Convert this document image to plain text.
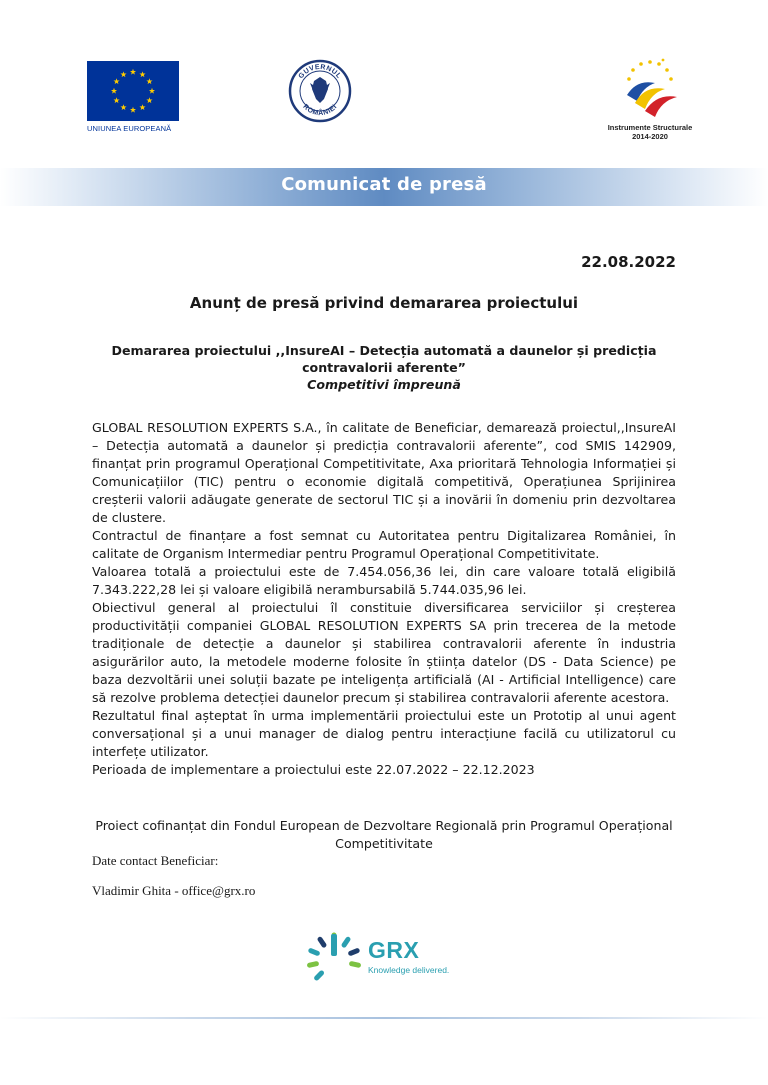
UNIUNEA EUROPEANĂ
GUVERNUL
ROMÂNIEI
Instrumente Structurale
2014-2020
Comunicat de presă
22.08.2022
Anunț de presă privind demararea proiectului
Demararea proiectului ,,InsureAI – Detecția automată a daunelor și predicția
contravalorii aferente”
Competitivi împreună

GLOBAL RESOLUTION EXPERTS S.A., în calitate de Beneficiar, demarează proiectul,,InsureAI – Detecția automată a daunelor și predicția contravalorii aferente”, cod SMIS 142909, finanțat prin programul Operațional Competitivitate, Axa prioritară Tehnologia Informației și Comunicațiilor (TIC) pentru o economie digitală competitivă, Operațiunea Sprijinirea creșterii valorii adăugate generate de sectorul TIC și a inovării în domeniu prin dezvoltarea de clustere.

Contractul de finanțare a fost semnat cu Autoritatea pentru Digitalizarea României, în calitate de Organism Intermediar pentru Programul Operațional Competitivitate.

Valoarea totală a proiectului este de 7.454.056,36 lei, din care valoare totală eligibilă 7.343.222,28 lei și valoare eligibilă nerambursabilă 5.744.035,96 lei.

Obiectivul general al proiectului îl constituie diversificarea serviciilor și creșterea productivității companiei GLOBAL RESOLUTION EXPERTS SA prin trecerea de la metode tradiționale de detecție a daunelor și stabilirea contravalorii aferente în industria asigurărilor auto, la metodele moderne folosite în știința datelor (DS - Data Science) pe baza dezvoltării unei soluții bazate pe inteligența artificială (AI - Artificial Intelligence) care să rezolve problema detecției daunelor precum și stabilirea contravalorii aferente acestora.

Rezultatul final așteptat în urma implementării proiectului este un Prototip al unui agent conversațional și a unui manager de dialog pentru interacțiune facilă cu utilizatorul cu interfețe utilizator.

Perioada de implementare a proiectului este 22.07.2022 – 22.12.2023

Proiect cofinanțat din Fondul European de Dezvoltare Regională prin Programul Operațional Competitivitate
Date contact Beneficiar:
Vladimir Ghita - office@grx.ro
GRX
Knowledge delivered.
